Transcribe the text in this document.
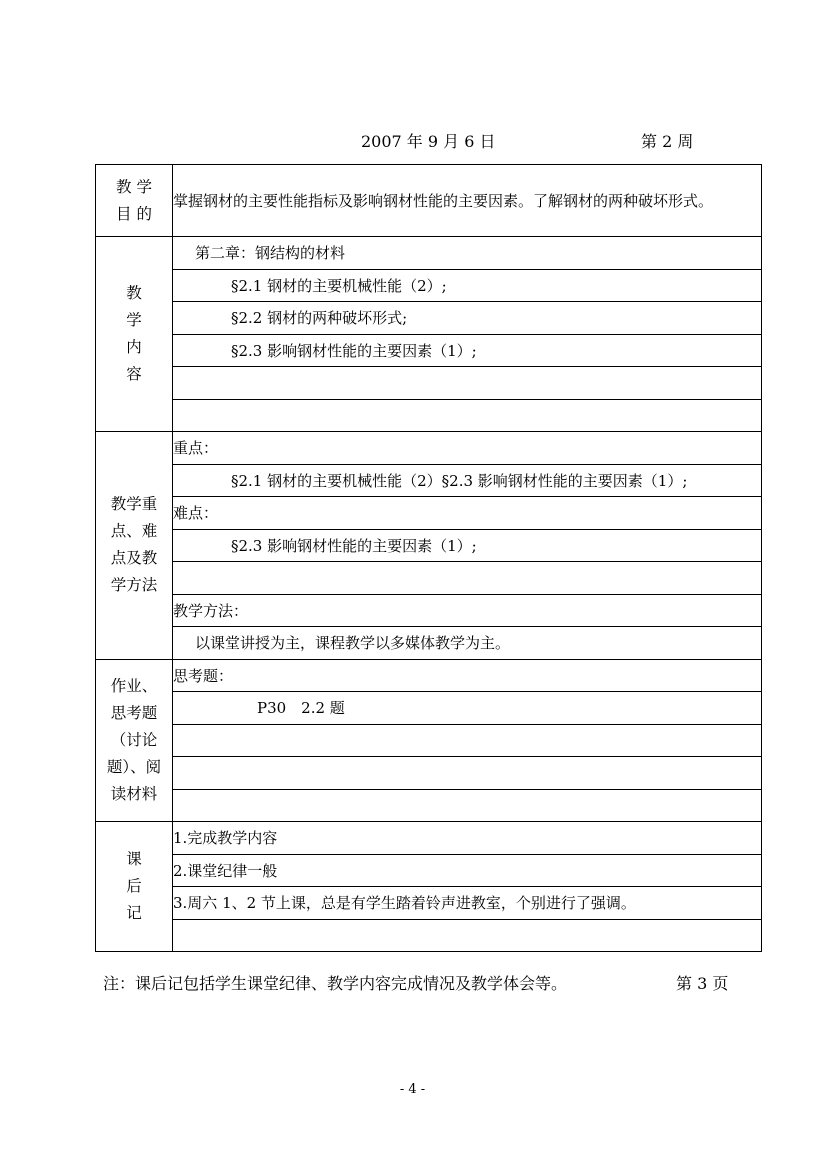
2007 年 9 月 6 日	第 2 周
教 学
目 的	掌握钢材的主要性能指标及影响钢材性能的主要因素。了解钢材的两种破坏形式。

教
学
内
容	第二章：钢结构的材料
	§2.1 钢材的主要机械性能（2）;
	§2.2 钢材的两种破坏形式;
	§2.3 影响钢材性能的主要因素（1）;

教学重
点、难
点及教
学方法	重点：
	§2.1 钢材的主要机械性能（2）§2.3 影响钢材性能的主要因素（1）;
	难点：
	§2.3 影响钢材性能的主要因素（1）;

	教学方法：
	以课堂讲授为主，课程教学以多媒体教学为主。

作业、
思考题
（讨论
题）、阅
读材料	思考题：
	P30　2.2 题

课
后
记	1.完成教学内容
	2.课堂纪律一般
	3.周六 1、2 节上课，总是有学生踏着铃声进教室，个别进行了强调。

注：课后记包括学生课堂纪律、教学内容完成情况及教学体会等。	第 3 页
- 4 -
